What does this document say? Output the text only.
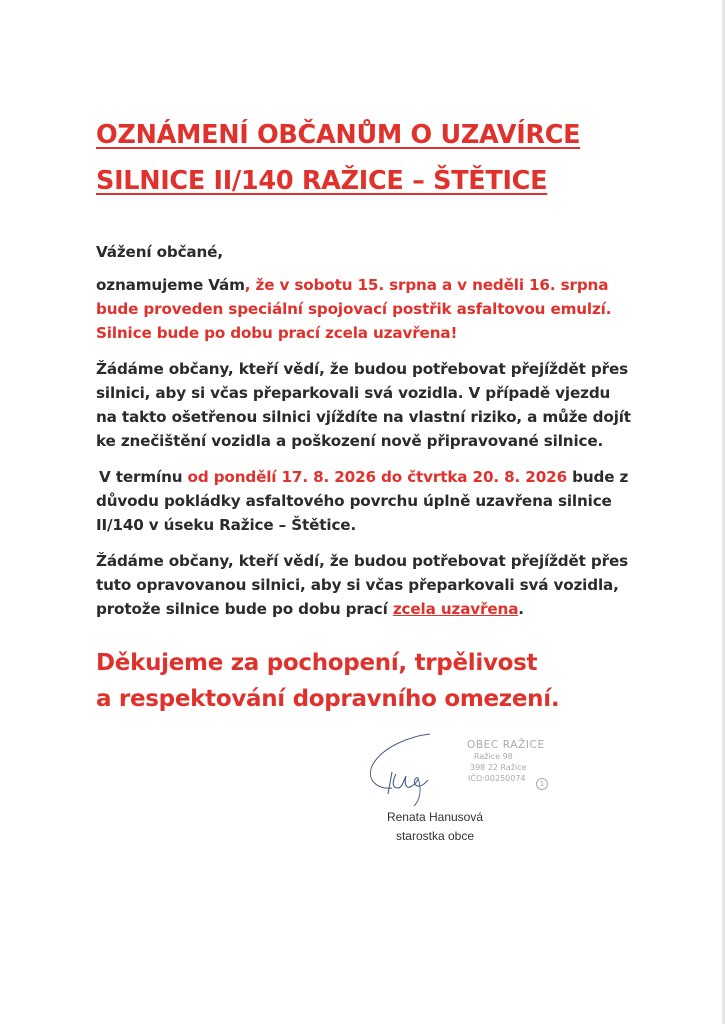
OZNÁMENÍ OBČANŮM O UZAVÍRCE
SILNICE II/140 RAŽICE – ŠTĚTICE

Vážení občané,

oznamujeme Vám, že v sobotu 15. srpna a v neděli 16. srpna bude proveden speciální spojovací postřik asfaltovou emulzí. Silnice bude po dobu prací zcela uzavřena!

Žádáme občany, kteří vědí, že budou potřebovat přejíždět přes silnici, aby si včas přeparkovali svá vozidla. V případě vjezdu na takto ošetřenou silnici vjíždíte na vlastní riziko, a může dojít ke znečištění vozidla a poškození nově připravované silnice.

V termínu od pondělí 17. 8. 2026 do čtvrtka 20. 8. 2026 bude z důvodu pokládky asfaltového povrchu úplně uzavřena silnice II/140 v úseku Ražice – Štětice.

Žádáme občany, kteří vědí, že budou potřebovat přejíždět přes tuto opravovanou silnici, aby si včas přeparkovali svá vozidla, protože silnice bude po dobu prací zcela uzavřena.

Děkujeme za pochopení, trpělivost
a respektování dopravního omezení.
OBEC RAŽICE
Ražice 98
398 22 Ražice
IČO:00250074
1
Renata Hanusová
starostka obce
